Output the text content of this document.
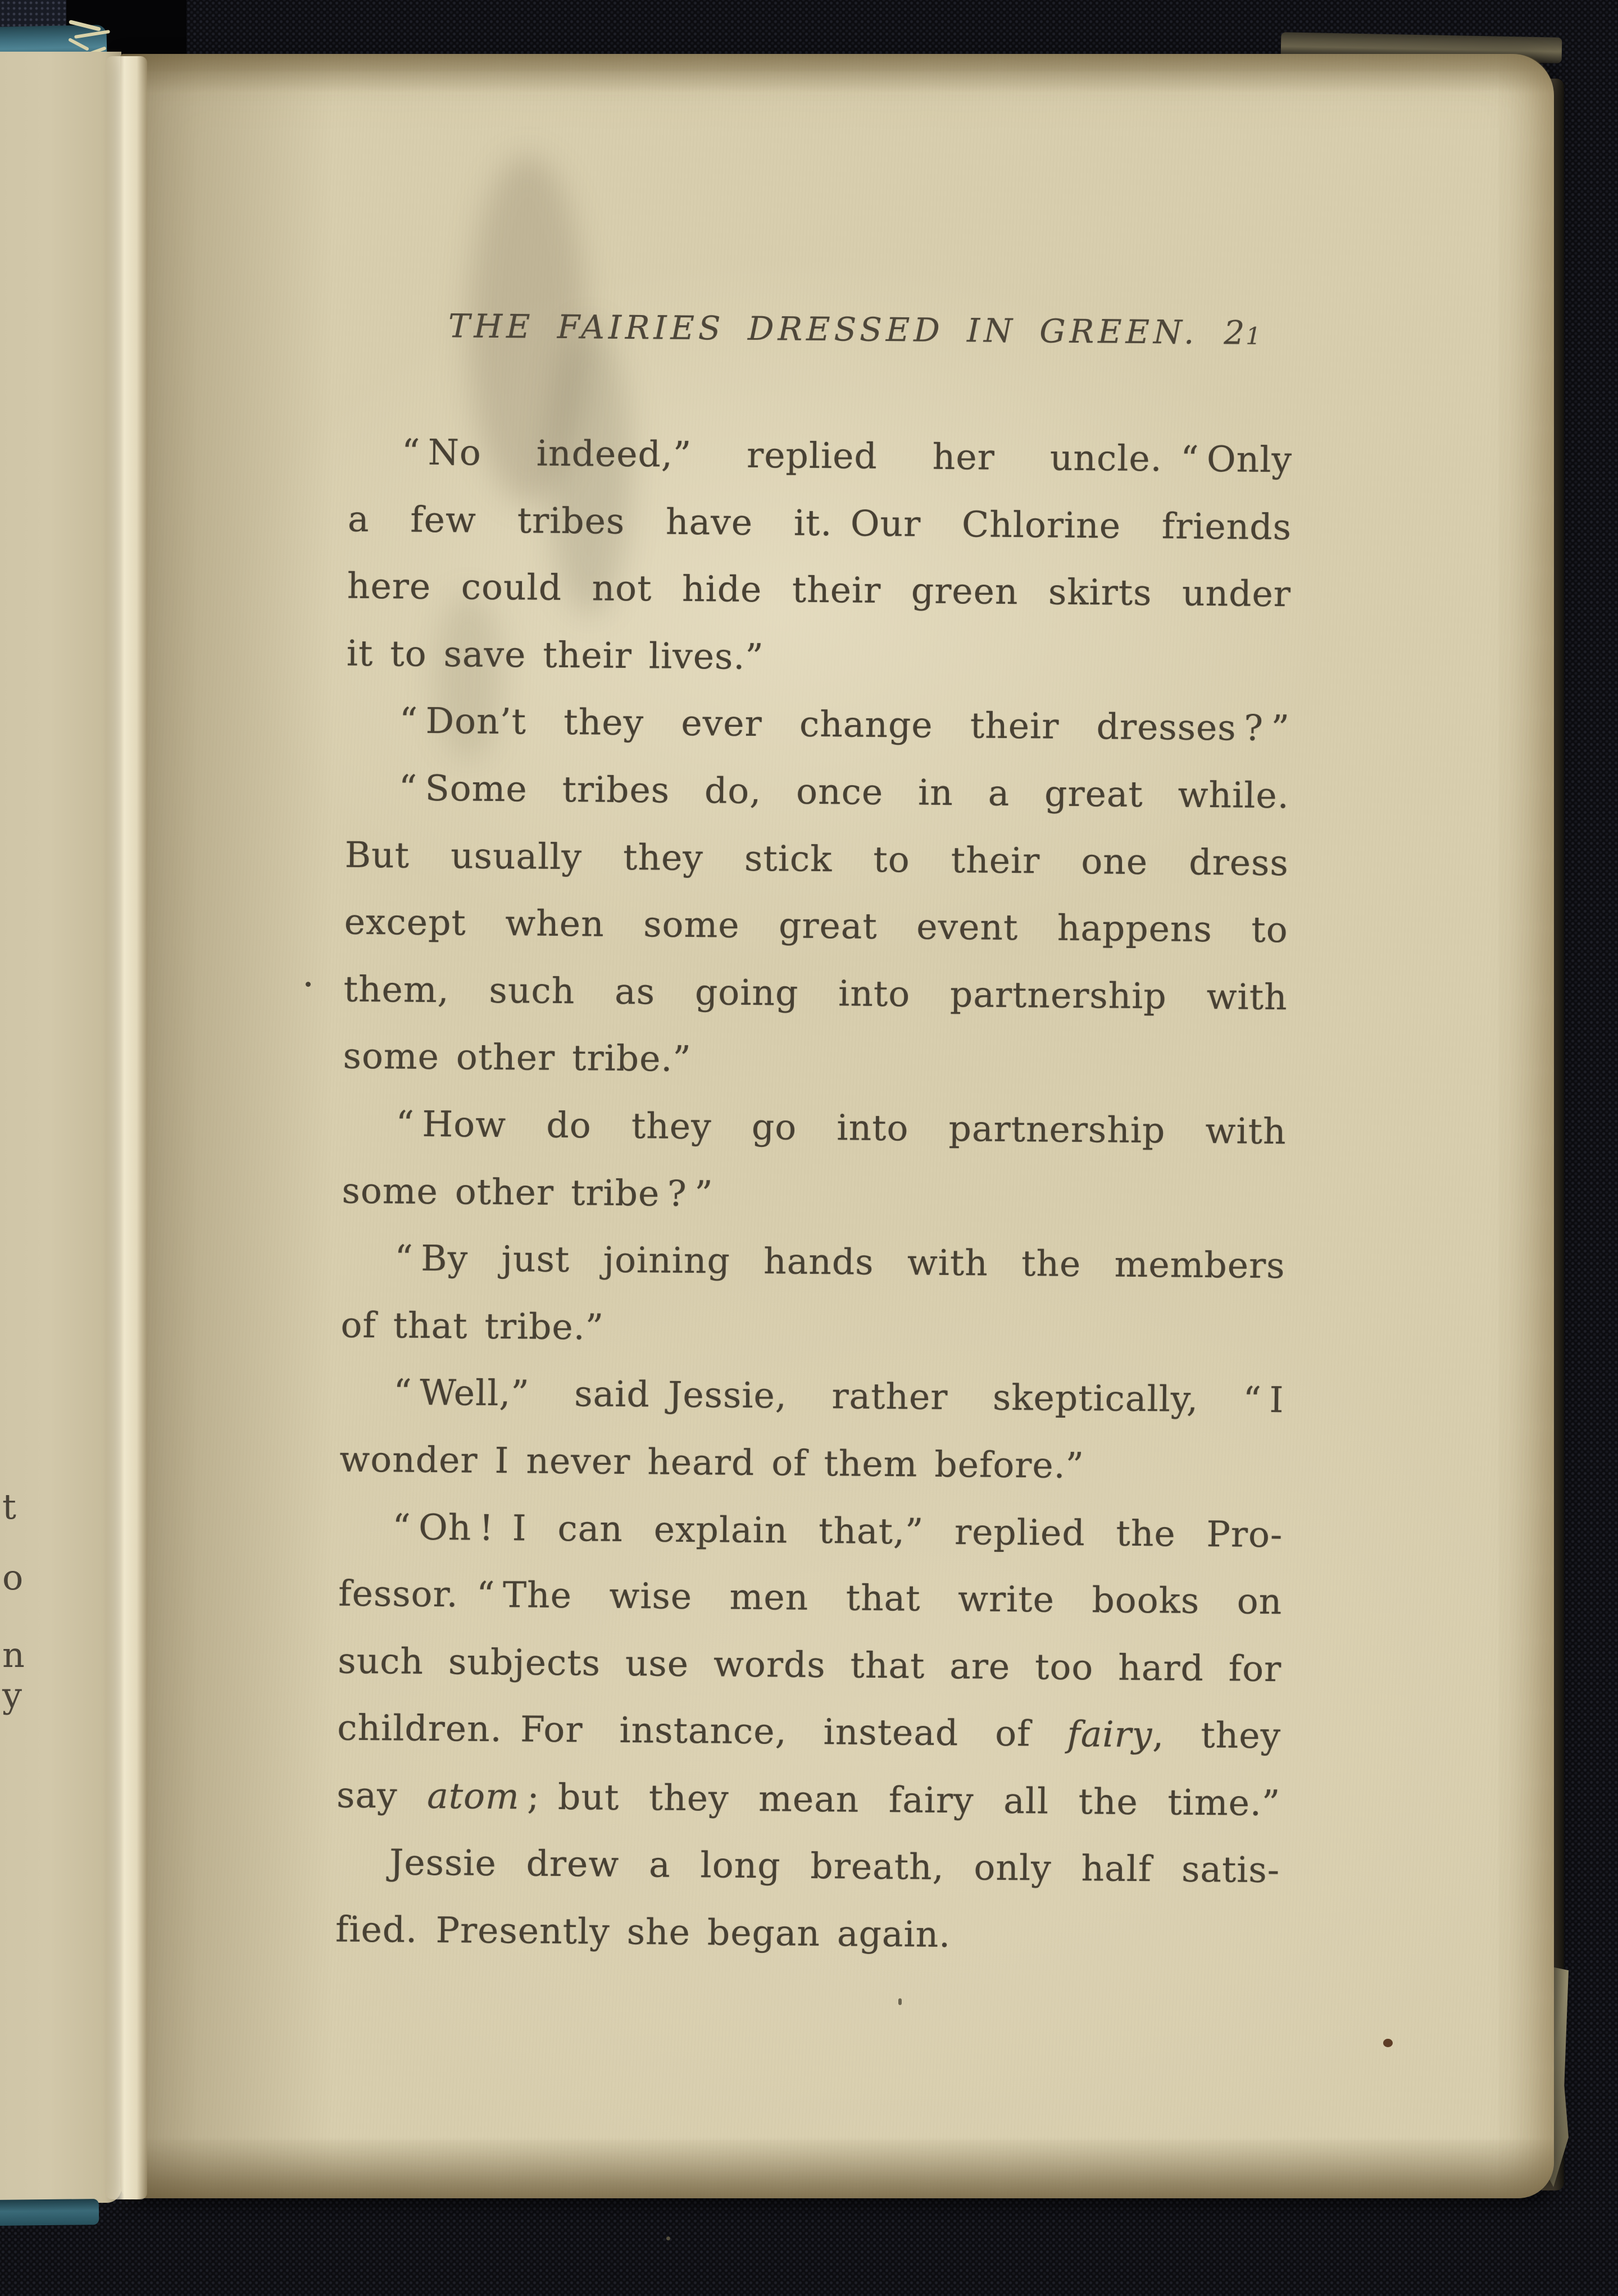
t
o
n
y
THE FAIRIES DRESSED IN GREEN. 21
“ No indeed,” replied her uncle. “ Only
a few tribes have it. Our Chlorine friends
here could not hide their green skirts under
it to save their lives.”
“ Don’t they ever change their dresses ? ”
“ Some tribes do, once in a great while.
But usually they stick to their one dress
except when some great event happens to
them, such as going into partnership with
some other tribe.”
“ How do they go into partnership with
some other tribe ? ”
“ By just joining hands with the members
of that tribe.”
“ Well,” said Jessie, rather skeptically, “ I
wonder I never heard of them before.”
“ Oh ! I can explain that,” replied the Pro-
fessor. “ The wise men that write books on
such subjects use words that are too hard for
children. For instance, instead of fairy, they
say atom ; but they mean fairy all the time.”
Jessie drew a long breath, only half satis-
fied. Presently she began again.
